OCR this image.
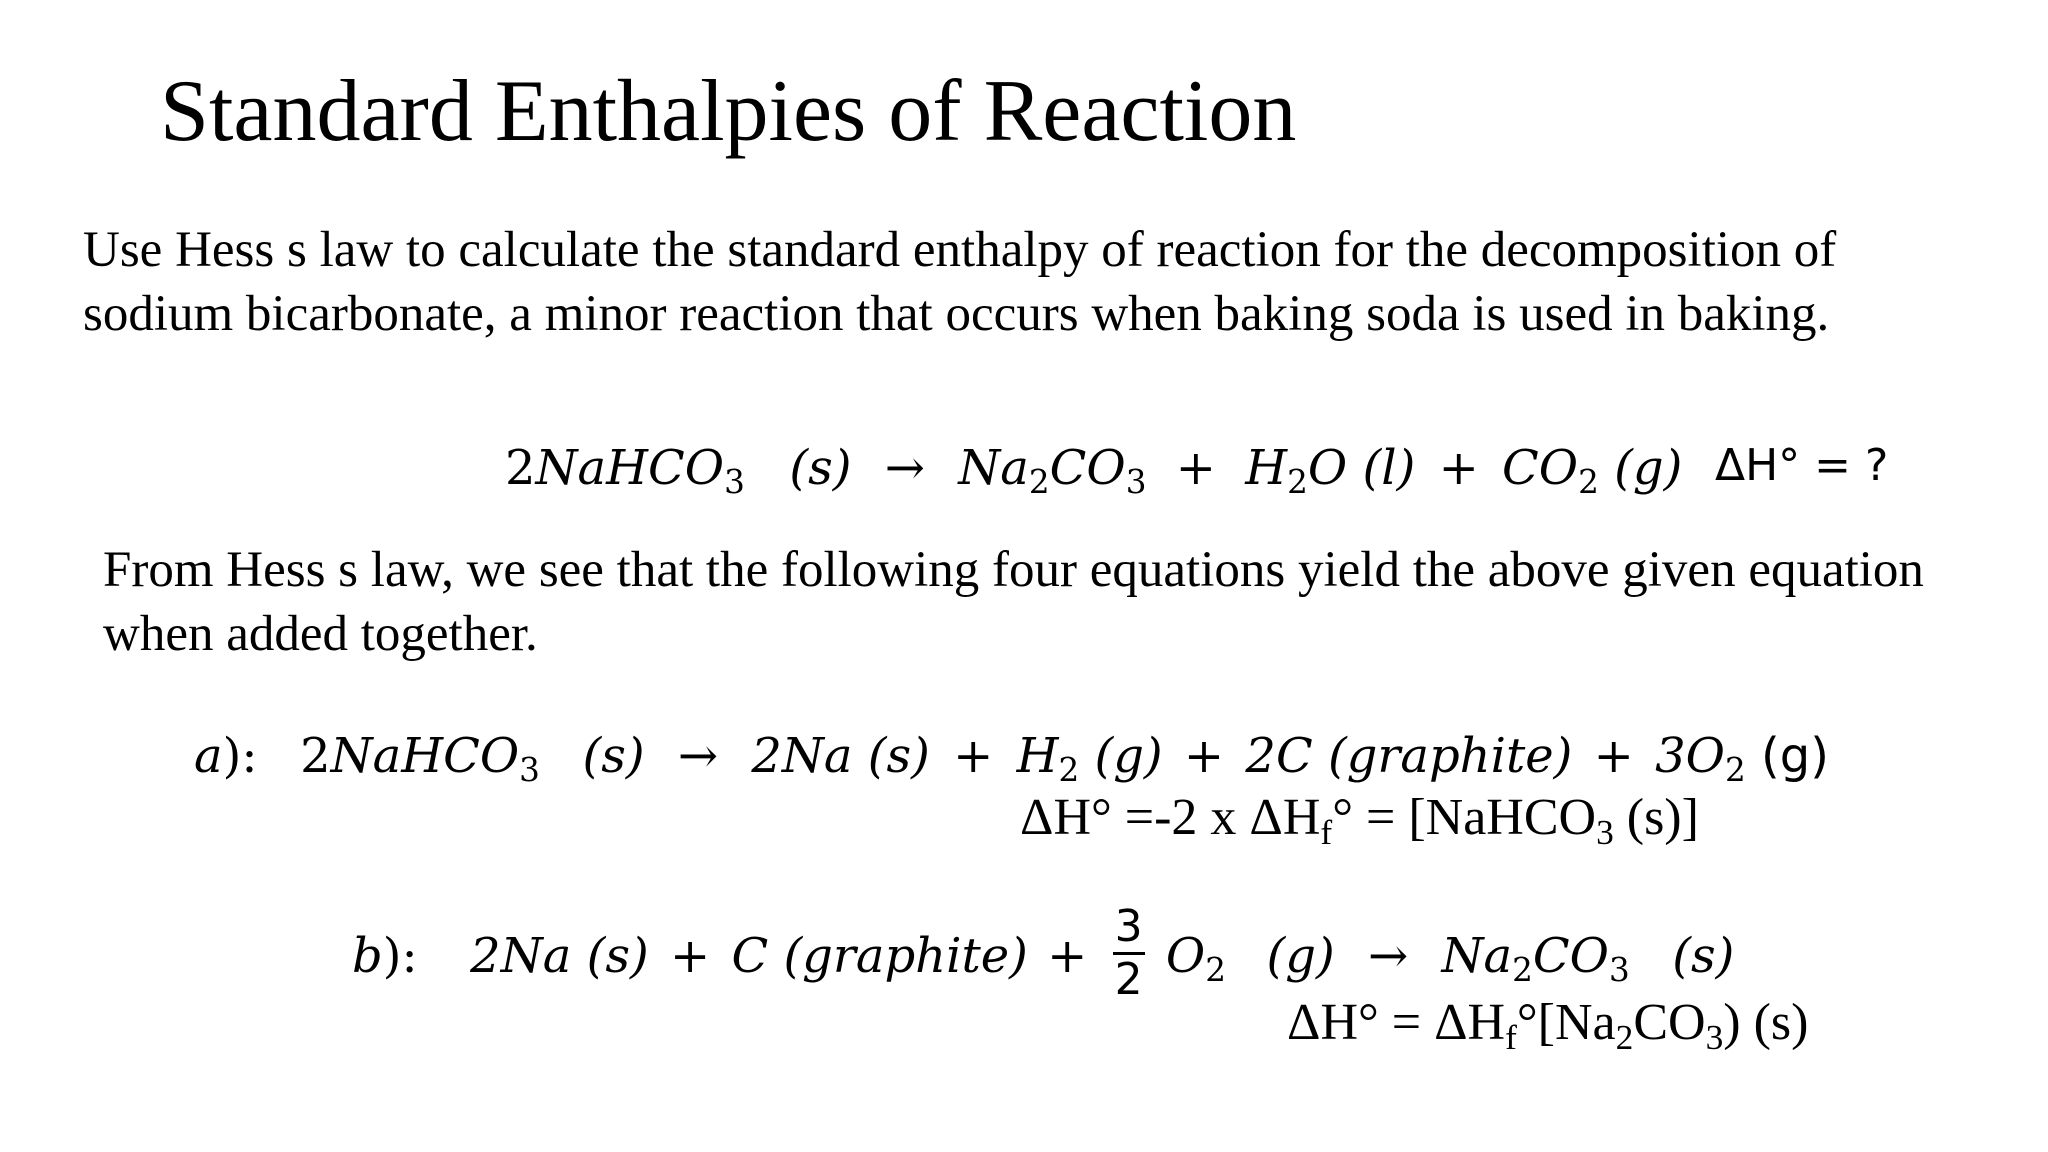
Standard Enthalpies of Reaction
Use Hess s law to calculate the standard enthalpy of reaction for the decomposition of
sodium bicarbonate, a minor reaction that occurs when baking soda is used in baking.
2NaHCO$_3$ $(s) \to Na_2CO_3 + H_2O$ $(l) + CO_2$ (g) ΔH° = ?
From Hess s law, we see that the following four equations yield the above given equation
when added together.
a): 2NaHCO$_3$ (s) → 2Na $(s) + H_2$ (g) + 2C (graphite) + $3O_2$ (g)
ΔH° =-2 x $\Delta H_f^\circ$ = [NaHCO$_3$ (s)]
b): 2Na (s) + C (graphite) + $\frac{3}{2} O_2$ $(g) \to Na_2CO_3$ (s)
$\Delta H^\circ = \Delta H_f^\circ[Na_2CO_3)$ (s)
